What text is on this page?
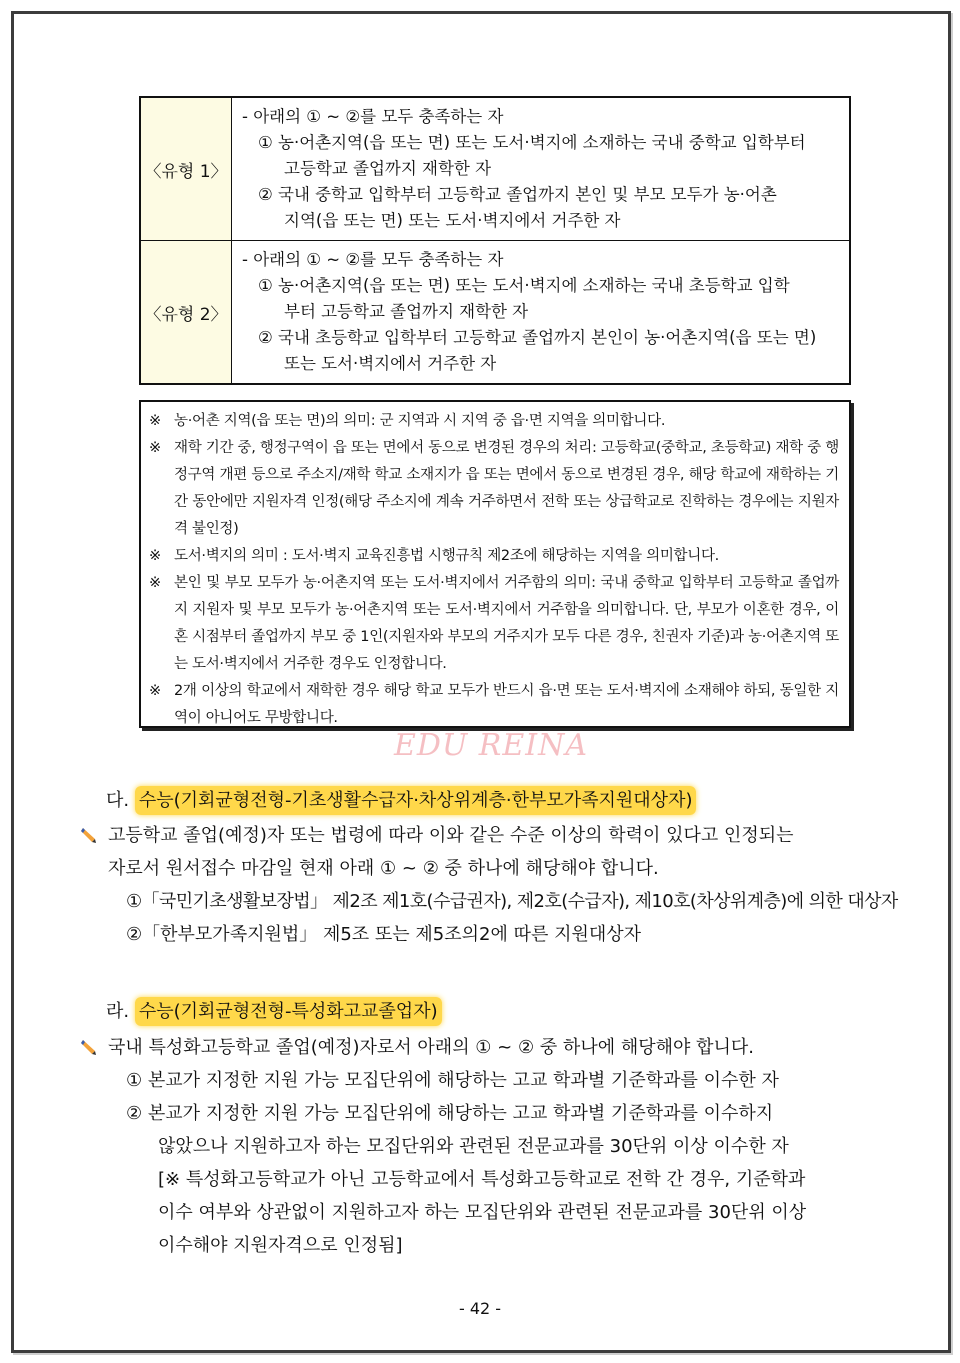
〈유형 1〉	- 아래의 ① ~ ②를 모두 충족하는 자
① 농·어촌지역(읍 또는 면) 또는 도서·벽지에 소재하는 국내 중학교 입학부터
고등학교 졸업까지 재학한 자
② 국내 중학교 입학부터 고등학교 졸업까지 본인 및 부모 모두가 농·어촌
지역(읍 또는 면) 또는 도서·벽지에서 거주한 자

〈유형 2〉	- 아래의 ① ~ ②를 모두 충족하는 자
① 농·어촌지역(읍 또는 면) 또는 도서·벽지에 소재하는 국내 초등학교 입학
부터 고등학교 졸업까지 재학한 자
② 국내 초등학교 입학부터 고등학교 졸업까지 본인이 농·어촌지역(읍 또는 면)
또는 도서·벽지에서 거주한 자
※ 농·어촌 지역(읍 또는 면)의 의미: 군 지역과 시 지역 중 읍·면 지역을 의미합니다.
※ 재학 기간 중, 행정구역이 읍 또는 면에서 동으로 변경된 경우의 처리: 고등학교(중학교, 초등학교) 재학 중 행정구역 개편 등으로 주소지/재학 학교 소재지가 읍 또는 면에서 동으로 변경된 경우, 해당 학교에 재학하는 기간 동안에만 지원자격 인정(해당 주소지에 계속 거주하면서 전학 또는 상급학교로 진학하는 경우에는 지원자격 불인정)
※ 도서·벽지의 의미 : 도서·벽지 교육진흥법 시행규칙 제2조에 해당하는 지역을 의미합니다.
※ 본인 및 부모 모두가 농·어촌지역 또는 도서·벽지에서 거주함의 의미: 국내 중학교 입학부터 고등학교 졸업까지 지원자 및 부모 모두가 농·어촌지역 또는 도서·벽지에서 거주함을 의미합니다. 단, 부모가 이혼한 경우, 이혼 시점부터 졸업까지 부모 중 1인(지원자와 부모의 거주지가 모두 다른 경우, 친권자 기준)과 농·어촌지역 또는 도서·벽지에서 거주한 경우도 인정합니다.
※ 2개 이상의 학교에서 재학한 경우 해당 학교 모두가 반드시 읍·면 또는 도서·벽지에 소재해야 하되, 동일한 지역이 아니어도 무방합니다.
EDU REINA
다. 수능(기회균형전형-기초생활수급자·차상위계층·한부모가족지원대상자)
고등학교 졸업(예정)자 또는 법령에 따라 이와 같은 수준 이상의 학력이 있다고 인정되는
자로서 원서접수 마감일 현재 아래 ① ~ ② 중 하나에 해당해야 합니다.
①「국민기초생활보장법」 제2조 제1호(수급권자), 제2호(수급자), 제10호(차상위계층)에 의한 대상자
②「한부모가족지원법」 제5조 또는 제5조의2에 따른 지원대상자
라. 수능(기회균형전형-특성화고교졸업자)
국내 특성화고등학교 졸업(예정)자로서 아래의 ① ~ ② 중 하나에 해당해야 합니다.
① 본교가 지정한 지원 가능 모집단위에 해당하는 고교 학과별 기준학과를 이수한 자
② 본교가 지정한 지원 가능 모집단위에 해당하는 고교 학과별 기준학과를 이수하지
않았으나 지원하고자 하는 모집단위와 관련된 전문교과를 30단위 이상 이수한 자
[※ 특성화고등학교가 아닌 고등학교에서 특성화고등학교로 전학 간 경우, 기준학과
이수 여부와 상관없이 지원하고자 하는 모집단위와 관련된 전문교과를 30단위 이상
이수해야 지원자격으로 인정됨]
- 42 -
